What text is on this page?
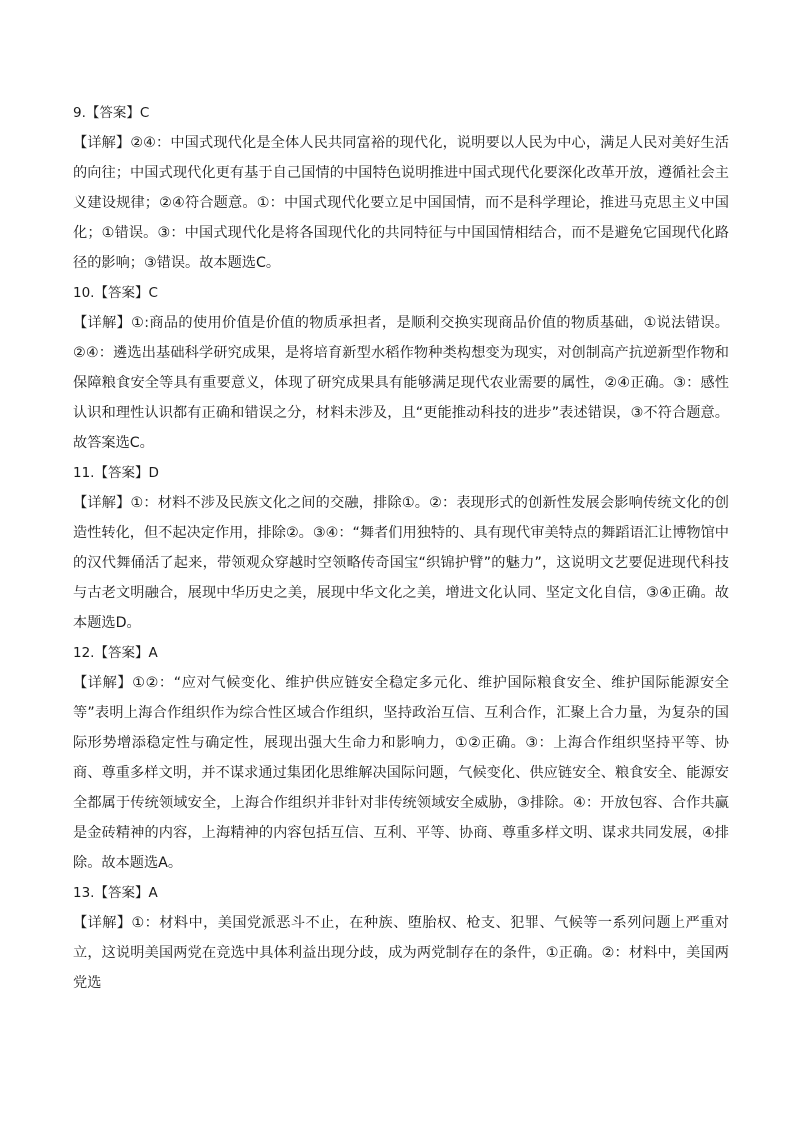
9.【答案】C

【详解】②④：中国式现代化是全体人民共同富裕的现代化，说明要以人民为中心，满足人民对美好生活的向往；中国式现代化更有基于自己国情的中国特色说明推进中国式现代化要深化改革开放，遵循社会主义建设规律；②④符合题意。①：中国式现代化要立足中国国情，而不是科学理论，推进马克思主义中国化；①错误。③：中国式现代化是将各国现代化的共同特征与中国国情相结合，而不是避免它国现代化路径的影响；③错误。故本题选C。

10.【答案】C

【详解】①:商品的使用价值是价值的物质承担者，是顺利交换实现商品价值的物质基础，①说法错误。②④：遴选出基础科学研究成果，是将培育新型水稻作物种类构想变为现实，对创制高产抗逆新型作物和保障粮食安全等具有重要意义，体现了研究成果具有能够满足现代农业需要的属性，②④正确。③：感性认识和理性认识都有正确和错误之分，材料未涉及，且“更能推动科技的进步”表述错误，③不符合题意。故答案选C。

11.【答案】D

【详解】①：材料不涉及民族文化之间的交融，排除①。②：表现形式的创新性发展会影响传统文化的创造性转化，但不起决定作用，排除②。③④：“舞者们用独特的、具有现代审美特点的舞蹈语汇让博物馆中的汉代舞俑活了起来，带领观众穿越时空领略传奇国宝“织锦护臂”的魅力”，这说明文艺要促进现代科技与古老文明融合，展现中华历史之美，展现中华文化之美，增进文化认同、坚定文化自信，③④正确。故本题选D。

12.【答案】A

【详解】①②：“应对气候变化、维护供应链安全稳定多元化、维护国际粮食安全、维护国际能源安全等”表明上海合作组织作为综合性区域合作组织，坚持政治互信、互利合作，汇聚上合力量，为复杂的国际形势增添稳定性与确定性，展现出强大生命力和影响力，①②正确。③：上海合作组织坚持平等、协商、尊重多样文明，并不谋求通过集团化思维解决国际问题，气候变化、供应链安全、粮食安全、能源安全都属于传统领域安全，上海合作组织并非针对非传统领域安全威胁，③排除。④：开放包容、合作共赢是金砖精神的内容，上海精神的内容包括互信、互利、平等、协商、尊重多样文明、谋求共同发展，④排除。故本题选A。

13.【答案】A

【详解】①：材料中，美国党派恶斗不止，在种族、堕胎权、枪支、犯罪、气候等一系列问题上严重对立，这说明美国两党在竞选中具体利益出现分歧，成为两党制存在的条件，①正确。②：材料中，美国两党选
